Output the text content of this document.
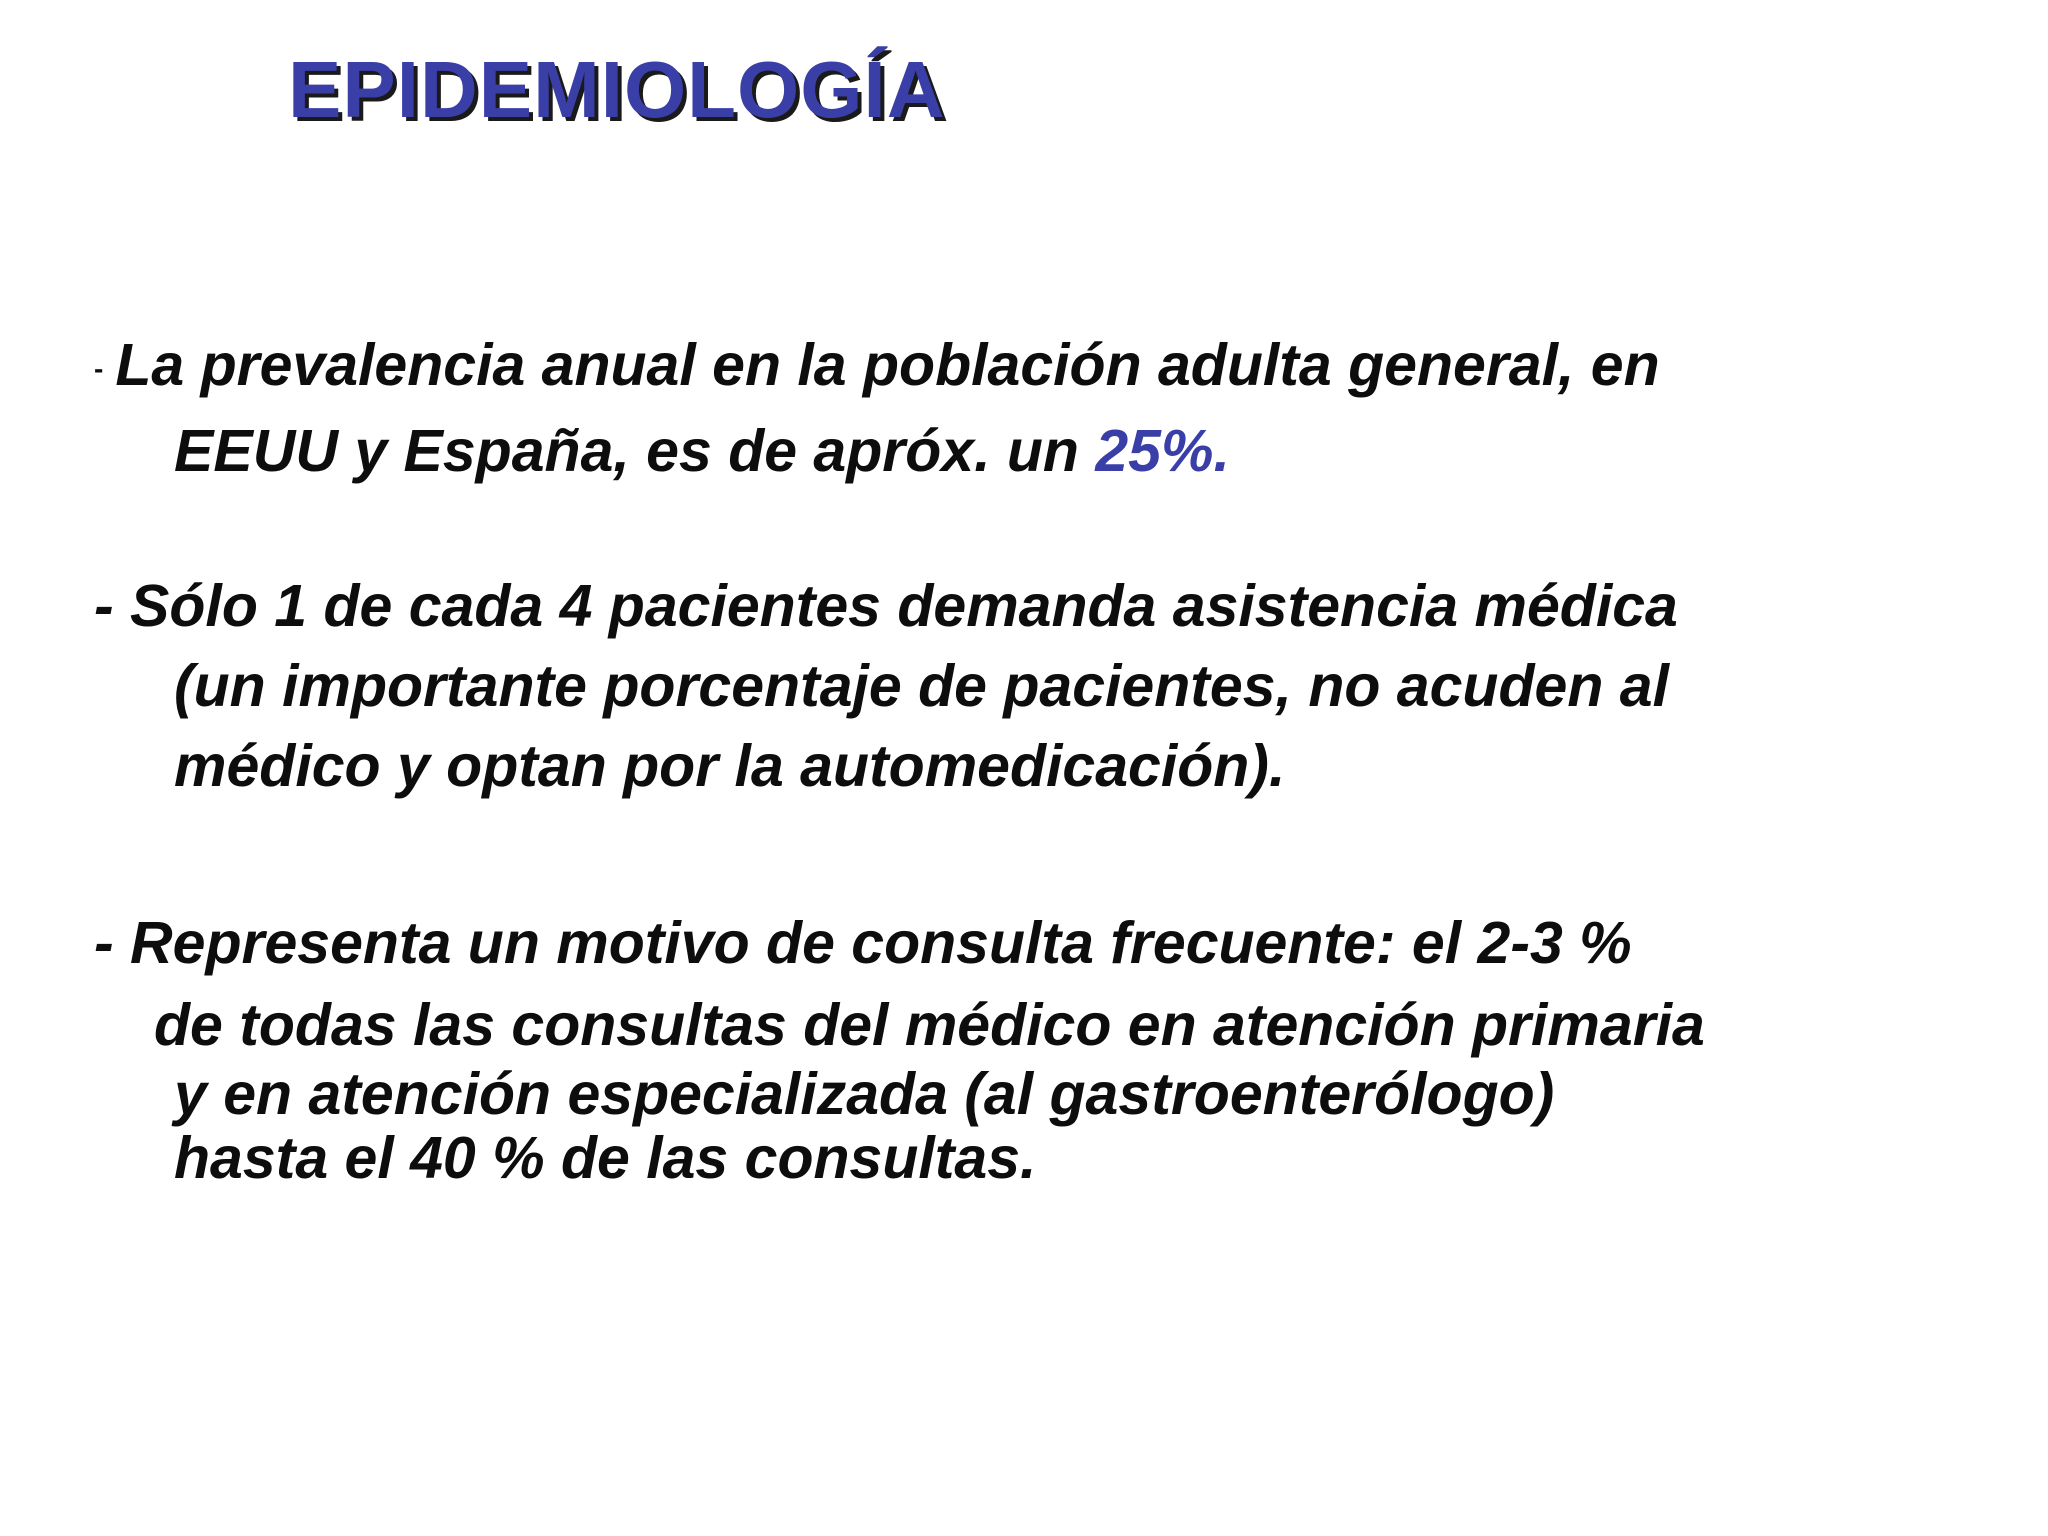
EPIDEMIOLOGÍA
- La prevalencia anual en la población adulta general, en
EEUU y España, es de apróx. un 25%.
- Sólo 1 de cada 4 pacientes demanda asistencia médica
(un importante porcentaje de pacientes, no acuden al
médico y optan por la automedicación).
- Representa un motivo de consulta frecuente: el 2-3 %
de todas las consultas del médico en atención primaria
y en atención especializada (al gastroenterólogo)
hasta el 40 % de las consultas.
